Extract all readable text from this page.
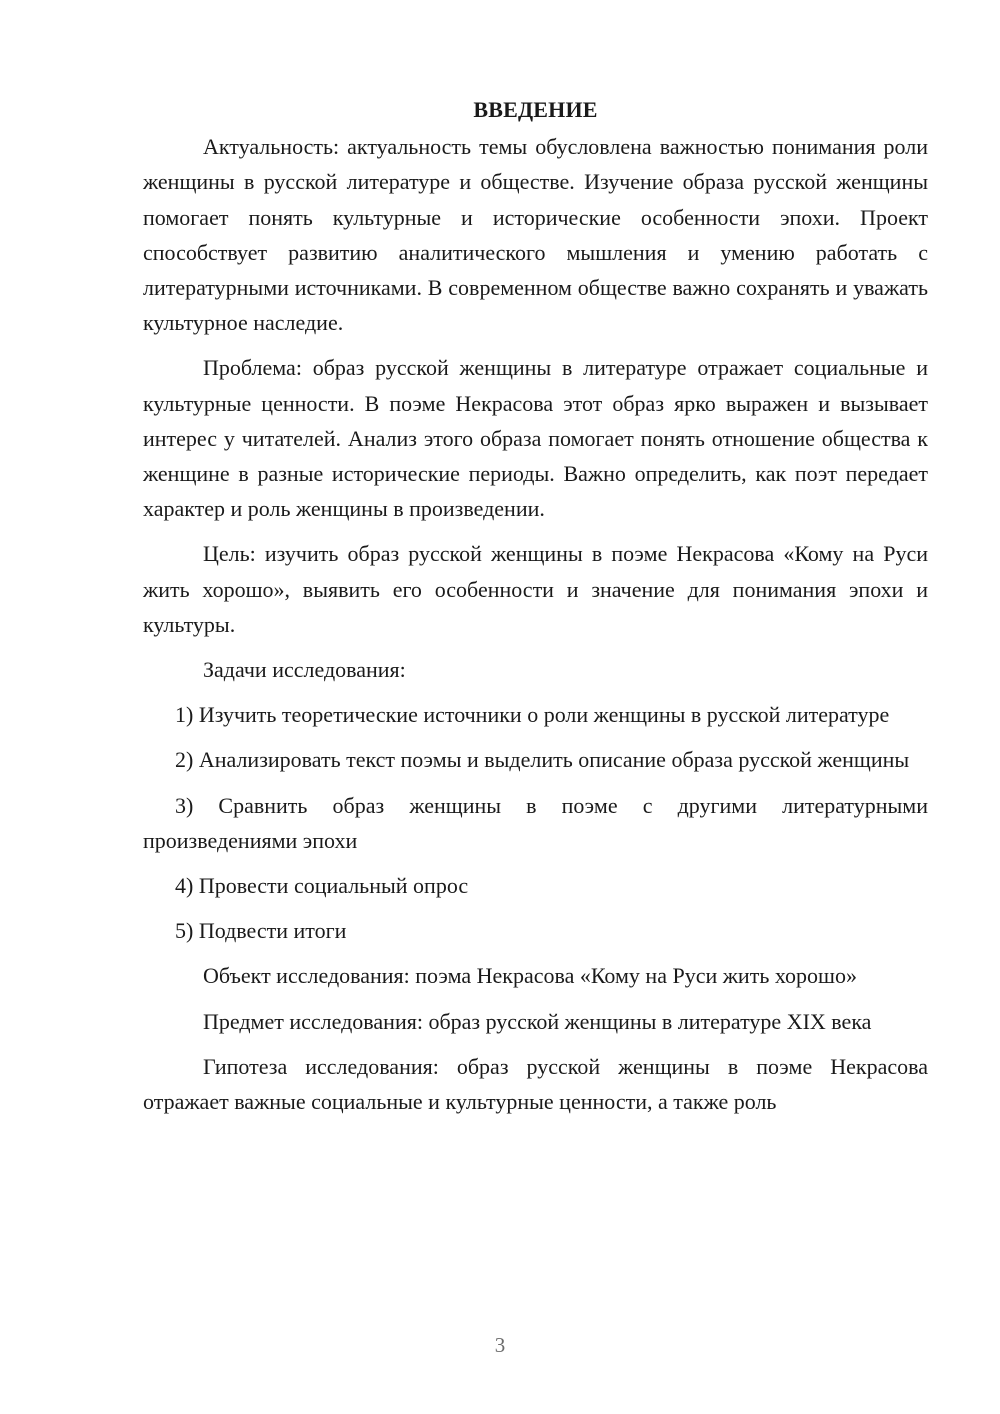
ВВЕДЕНИЕ

Актуальность: актуальность темы обусловлена важностью понимания роли женщины в русской литературе и обществе. Изучение образа русской женщины помогает понять культурные и исторические особенности эпохи. Проект способствует развитию аналитического мышления и умению работать с литературными источниками. В современном обществе важно сохранять и уважать культурное наследие.

Проблема: образ русской женщины в литературе отражает социальные и культурные ценности. В поэме Некрасова этот образ ярко выражен и вызывает интерес у читателей. Анализ этого образа помогает понять отношение общества к женщине в разные исторические периоды. Важно определить, как поэт передает характер и роль женщины в произведении.

Цель: изучить образ русской женщины в поэме Некрасова «Кому на Руси жить хорошо», выявить его особенности и значение для понимания эпохи и культуры.

Задачи исследования:

1) Изучить теоретические источники о роли женщины в русской литературе

2) Анализировать текст поэмы и выделить описание образа русской женщины

3) Сравнить образ женщины в поэме с другими литературными произведениями эпохи

4) Провести социальный опрос

5) Подвести итоги

Объект исследования: поэма Некрасова «Кому на Руси жить хорошо»

Предмет исследования: образ русской женщины в литературе XIX века

Гипотеза исследования: образ русской женщины в поэме Некрасова отражает важные социальные и культурные ценности, а также роль

3
